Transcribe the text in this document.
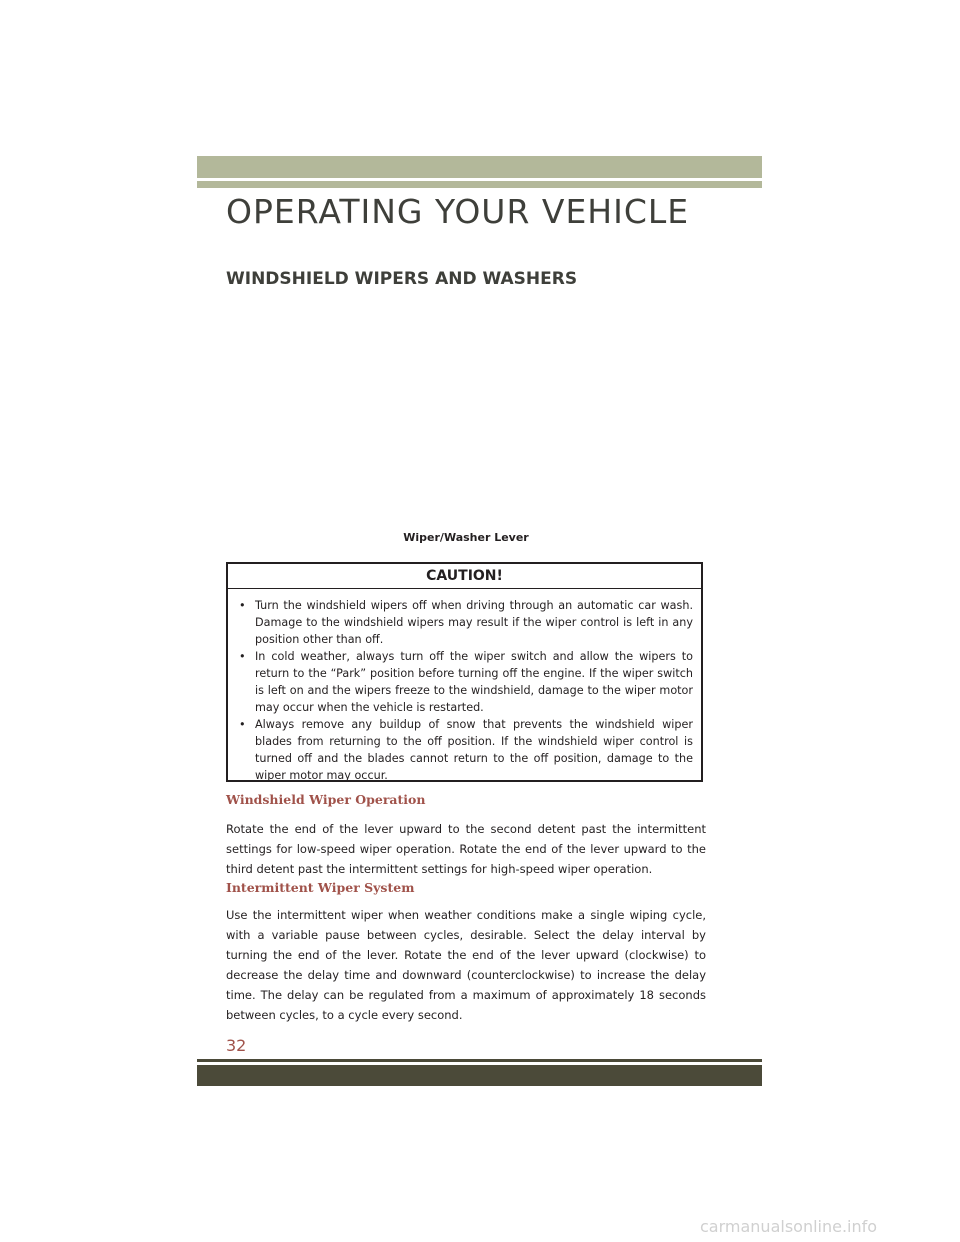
OPERATING YOUR VEHICLE
WINDSHIELD WIPERS AND WASHERS
Wiper/Washer Lever
CAUTION!
• Turn the windshield wipers off when driving through an automatic car wash. Damage to the windshield wipers may result if the wiper control is left in any position other than off.
• In cold weather, always turn off the wiper switch and allow the wipers to return to the “Park” position before turning off the engine. If the wiper switch is left on and the wipers freeze to the windshield, damage to the wiper motor may occur when the vehicle is restarted.
• Always remove any buildup of snow that prevents the windshield wiper blades from returning to the off position. If the windshield wiper control is turned off and the blades cannot return to the off position, damage to the wiper motor may occur.
Windshield Wiper Operation

Rotate the end of the lever upward to the second detent past the intermittent settings for low-speed wiper operation. Rotate the end of the lever upward to the third detent past the intermittent settings for high-speed wiper operation.

Intermittent Wiper System

Use the intermittent wiper when weather conditions make a single wiping cycle, with a variable pause between cycles, desirable. Select the delay interval by turning the end of the lever. Rotate the end of the lever upward (clockwise) to decrease the delay time and downward (counterclockwise) to increase the delay time. The delay can be regulated from a maximum of approximately 18 seconds between cycles, to a cycle every second.

32
carmanualsonline.info
